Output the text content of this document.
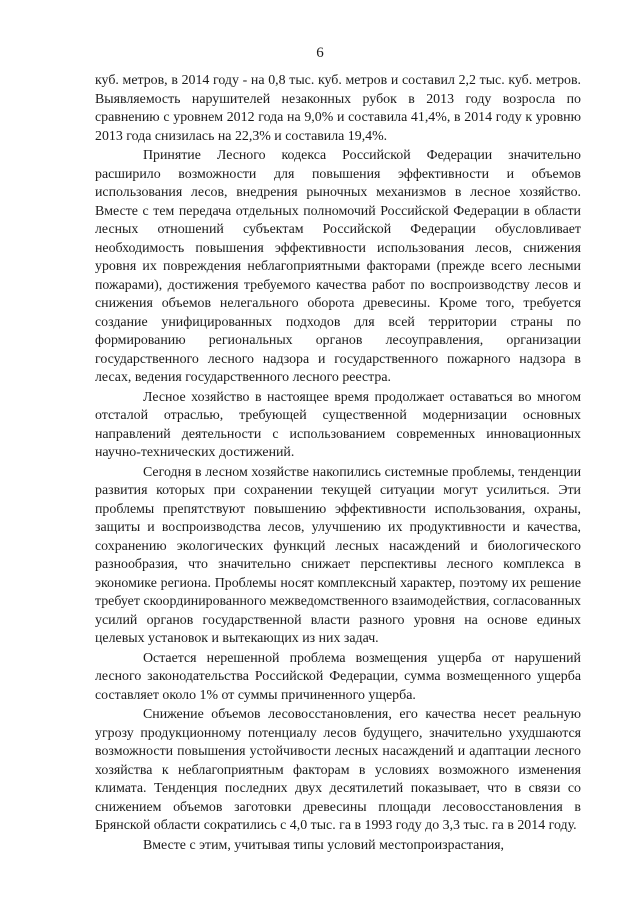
6

куб. метров, в 2014 году - на 0,8 тыс. куб. метров и составил 2,2 тыс. куб. метров. Выявляемость нарушителей незаконных рубок в 2013 году возросла по сравнению с уровнем 2012 года на 9,0% и составила 41,4%, в 2014 году к уровню 2013 года снизилась на 22,3% и составила 19,4%.

Принятие Лесного кодекса Российской Федерации значительно расширило возможности для повышения эффективности и объемов использования лесов, внедрения рыночных механизмов в лесное хозяйство. Вместе с тем передача отдельных полномочий Российской Федерации в области лесных отношений субъектам Российской Федерации обусловливает необходимость повышения эффективности использования лесов, снижения уровня их повреждения неблагоприятными факторами (прежде всего лесными пожарами), достижения требуемого качества работ по воспроизводству лесов и снижения объемов нелегального оборота древесины. Кроме того, требуется создание унифицированных подходов для всей территории страны по формированию региональных органов лесоуправления, организации государственного лесного надзора и государственного пожарного надзора в лесах, ведения государственного лесного реестра.

Лесное хозяйство в настоящее время продолжает оставаться во многом отсталой отраслью, требующей существенной модернизации основных направлений деятельности с использованием современных инновационных научно-технических достижений.

Сегодня в лесном хозяйстве накопились системные проблемы, тенденции развития которых при сохранении текущей ситуации могут усилиться. Эти проблемы препятствуют повышению эффективности использования, охраны, защиты и воспроизводства лесов, улучшению их продуктивности и качества, сохранению экологических функций лесных насаждений и биологического разнообразия, что значительно снижает перспективы лесного комплекса в экономике региона. Проблемы носят комплексный характер, поэтому их решение требует скоординированного межведомственного взаимодействия, согласованных усилий органов государственной власти разного уровня на основе единых целевых установок и вытекающих из них задач.

Остается нерешенной проблема возмещения ущерба от нарушений лесного законодательства Российской Федерации, сумма возмещенного ущерба составляет около 1% от суммы причиненного ущерба.

Снижение объемов лесовосстановления, его качества несет реальную угрозу продукционному потенциалу лесов будущего, значительно ухудшаются возможности повышения устойчивости лесных насаждений и адаптации лесного хозяйства к неблагоприятным факторам в условиях возможного изменения климата. Тенденция последних двух десятилетий показывает, что в связи со снижением объемов заготовки древесины площади лесовосстановления в Брянской области сократились с 4,0 тыс. га в 1993 году до 3,3 тыс. га в 2014 году.

Вместе с этим, учитывая типы условий местопроизрастания,
